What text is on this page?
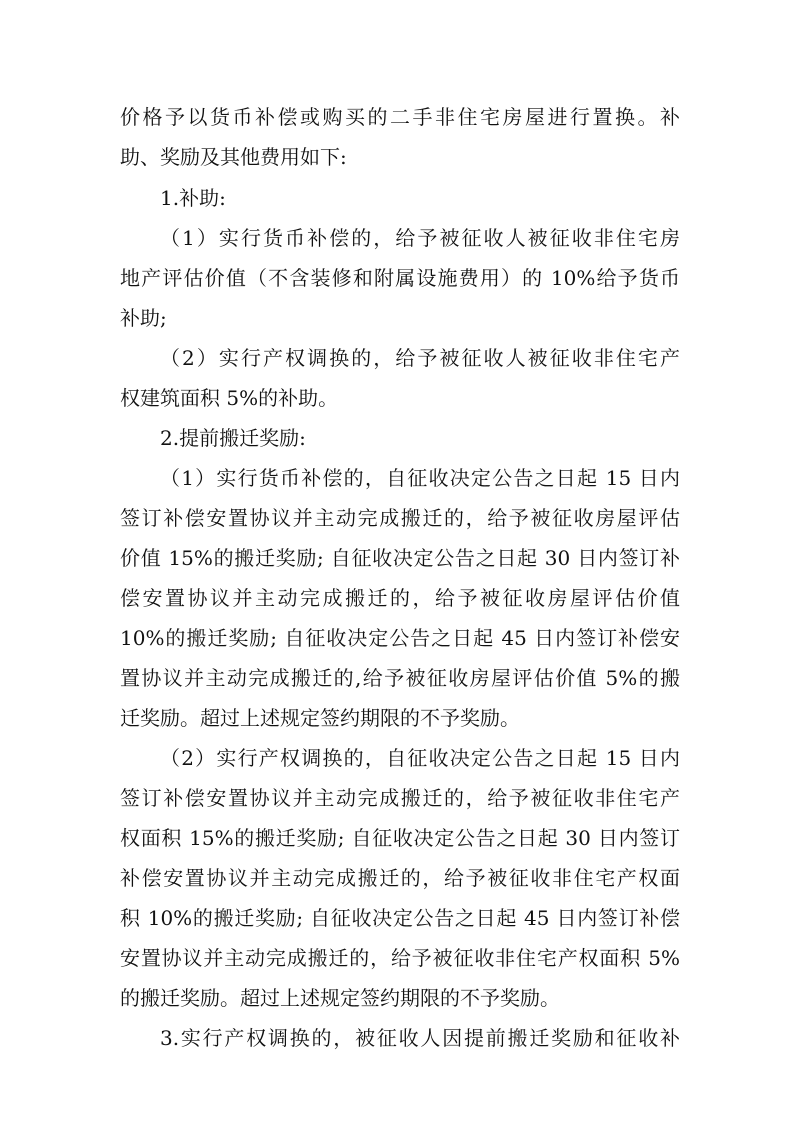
价格予以货币补偿或购买的二手非住宅房屋进行置换。补
助、奖励及其他费用如下:
1.补助:
（1）实行货币补偿的，给予被征收人被征收非住宅房
地产评估价值（不含装修和附属设施费用）的 10%给予货币
补助;
（2）实行产权调换的，给予被征收人被征收非住宅产
权建筑面积 5%的补助。
2.提前搬迁奖励:
（1）实行货币补偿的，自征收决定公告之日起 15 日内
签订补偿安置协议并主动完成搬迁的，给予被征收房屋评估
价值 15%的搬迁奖励; 自征收决定公告之日起 30 日内签订补
偿安置协议并主动完成搬迁的，给予被征收房屋评估价值
10%的搬迁奖励; 自征收决定公告之日起 45 日内签订补偿安
置协议并主动完成搬迁的,给予被征收房屋评估价值 5%的搬
迁奖励。超过上述规定签约期限的不予奖励。
（2）实行产权调换的，自征收决定公告之日起 15 日内
签订补偿安置协议并主动完成搬迁的，给予被征收非住宅产
权面积 15%的搬迁奖励; 自征收决定公告之日起 30 日内签订
补偿安置协议并主动完成搬迁的，给予被征收非住宅产权面
积 10%的搬迁奖励; 自征收决定公告之日起 45 日内签订补偿
安置协议并主动完成搬迁的，给予被征收非住宅产权面积 5%
的搬迁奖励。超过上述规定签约期限的不予奖励。
3.实行产权调换的，被征收人因提前搬迁奖励和征收补
